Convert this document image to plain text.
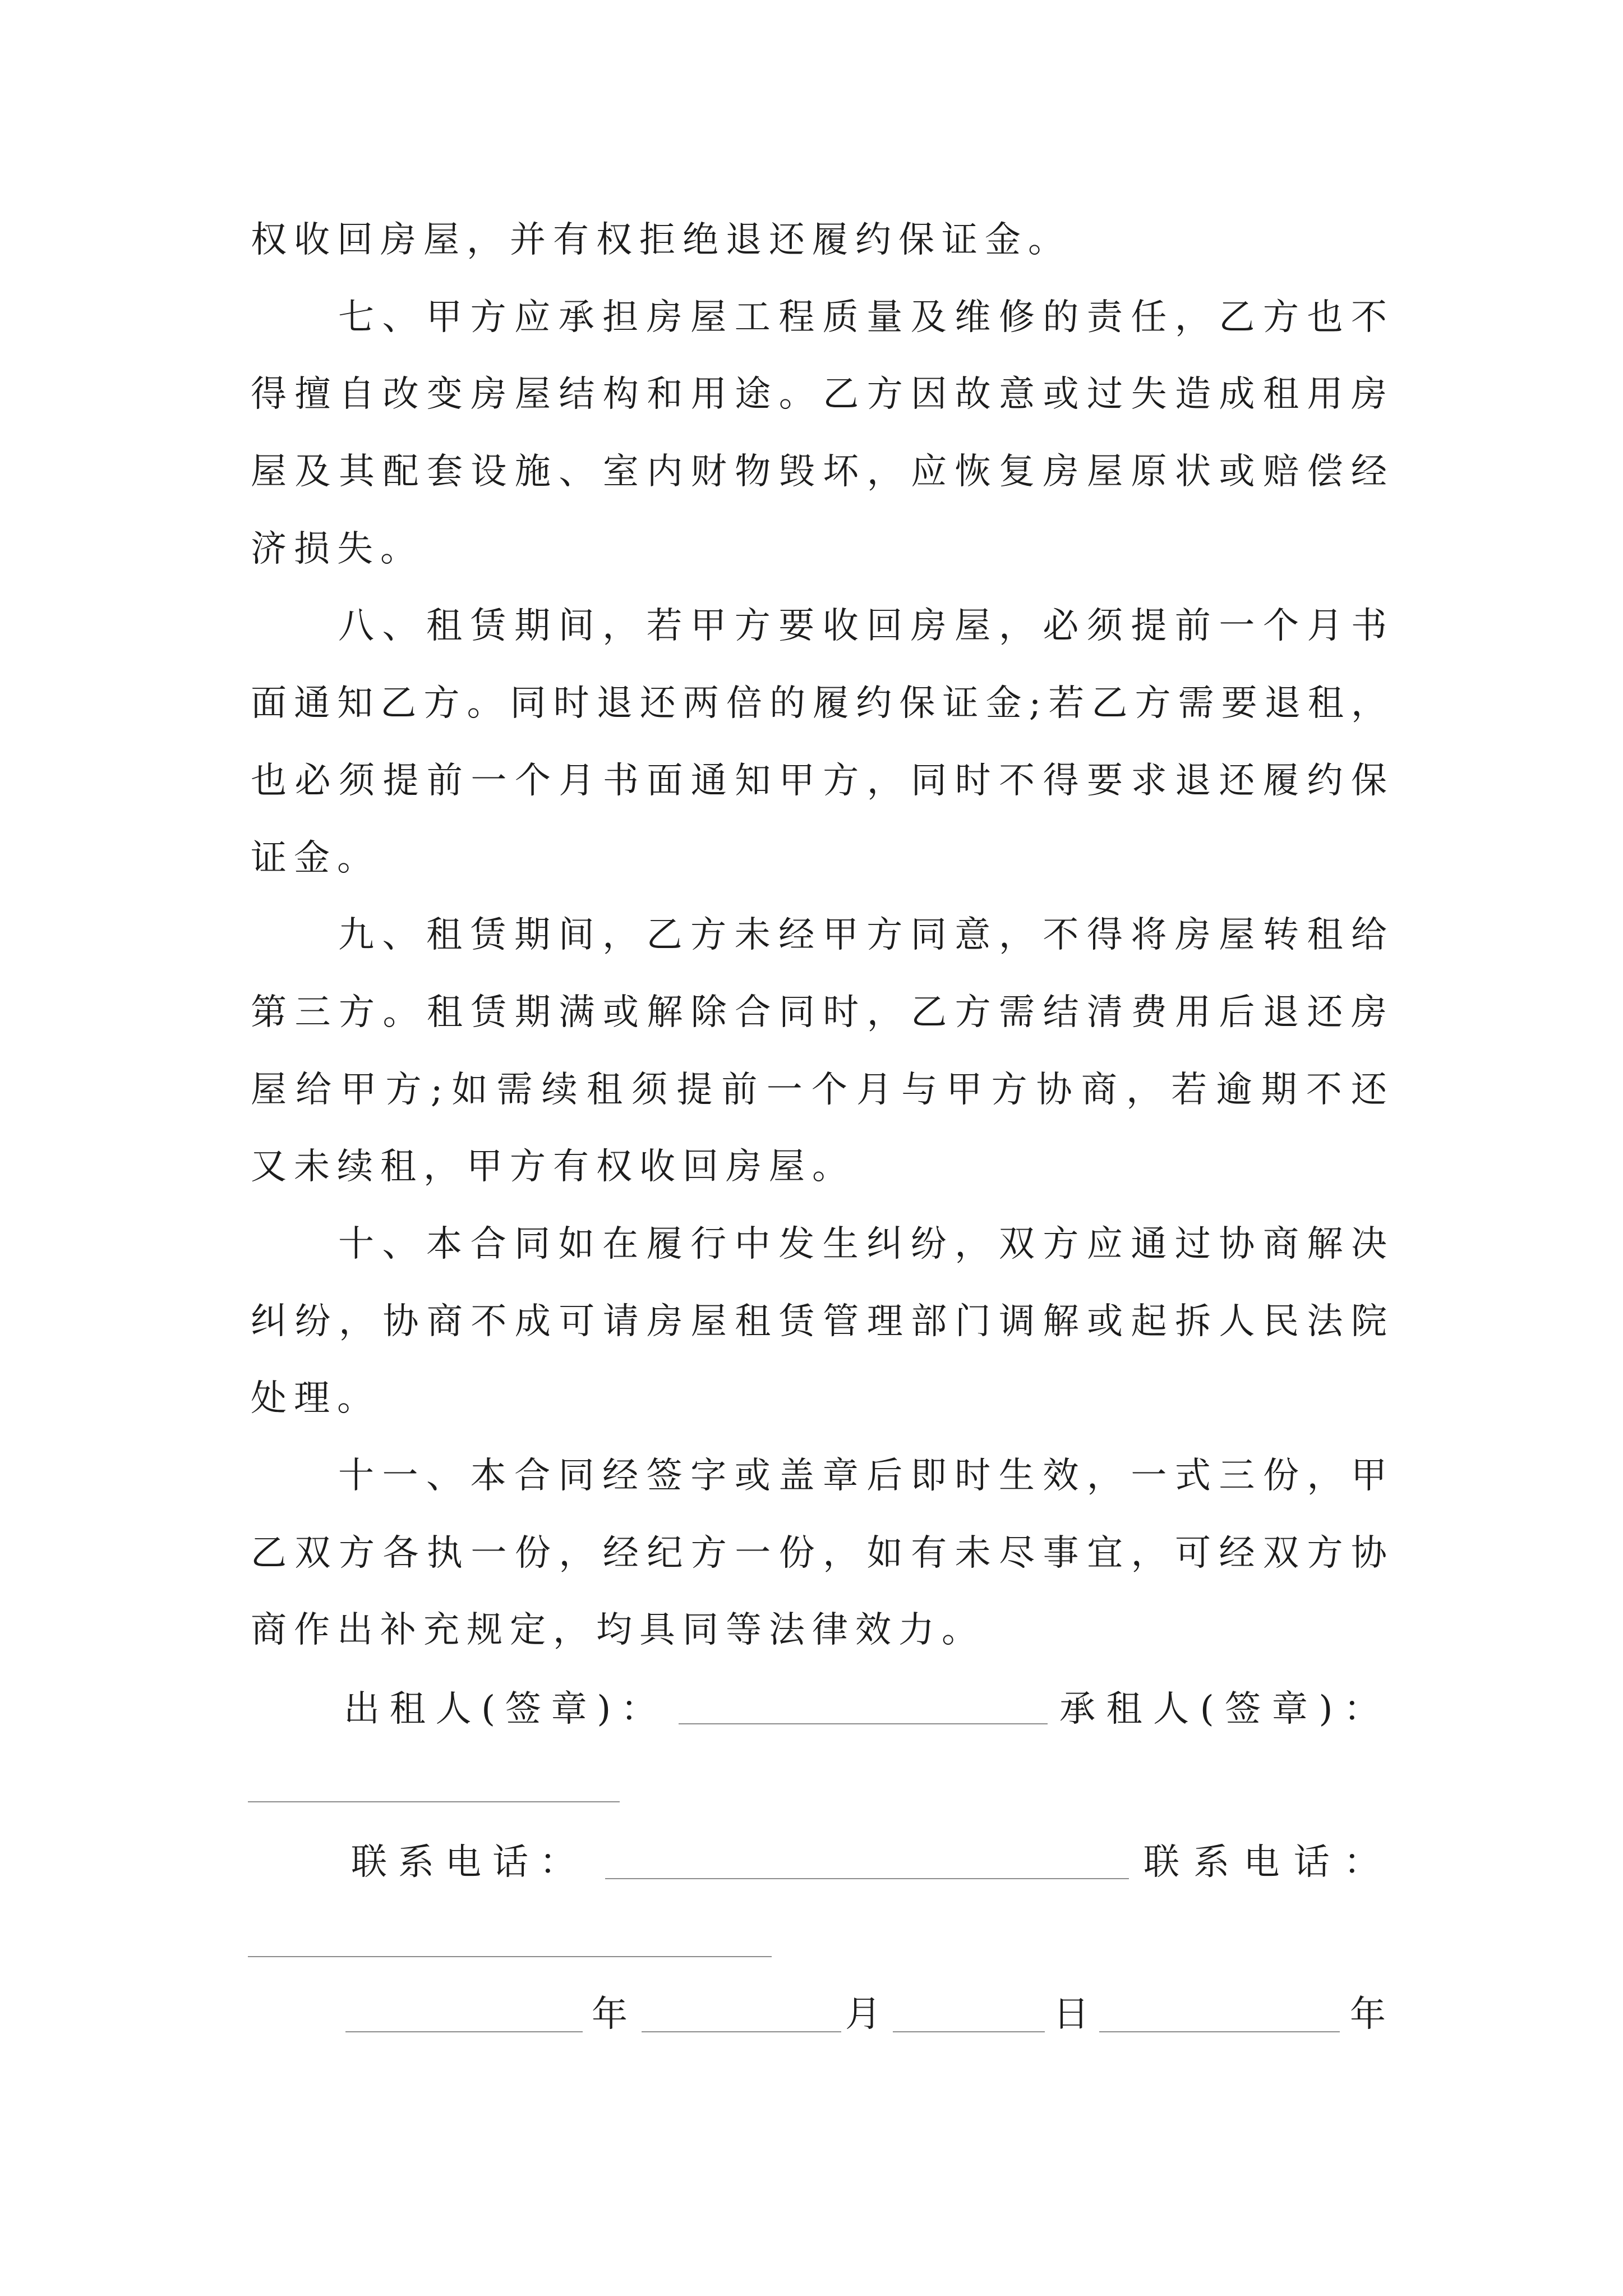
权收回房屋，并有权拒绝退还履约保证金。
七、甲方应承担房屋工程质量及维修的责任，乙方也不
得擅自改变房屋结构和用途。乙方因故意或过失造成租用房
屋及其配套设施、室内财物毁坏，应恢复房屋原状或赔偿经
济损失。
八、租赁期间，若甲方要收回房屋，必须提前一个月书
面通知乙方。同时退还两倍的履约保证金;若乙方需要退租，
也必须提前一个月书面通知甲方，同时不得要求退还履约保
证金。
九、租赁期间，乙方未经甲方同意，不得将房屋转租给
第三方。租赁期满或解除合同时，乙方需结清费用后退还房
屋给甲方;如需续租须提前一个月与甲方协商，若逾期不还
又未续租，甲方有权收回房屋。
十、本合同如在履行中发生纠纷，双方应通过协商解决
纠纷，协商不成可请房屋租赁管理部门调解或起拆人民法院
处理。
十一、本合同经签字或盖章后即时生效，一式三份，甲
乙双方各执一份，经纪方一份，如有未尽事宜，可经双方协
商作出补充规定，均具同等法律效力。
出租人(签章)：	承租人(签章)：
联系电话：	联系电话：
年	月	日	年
